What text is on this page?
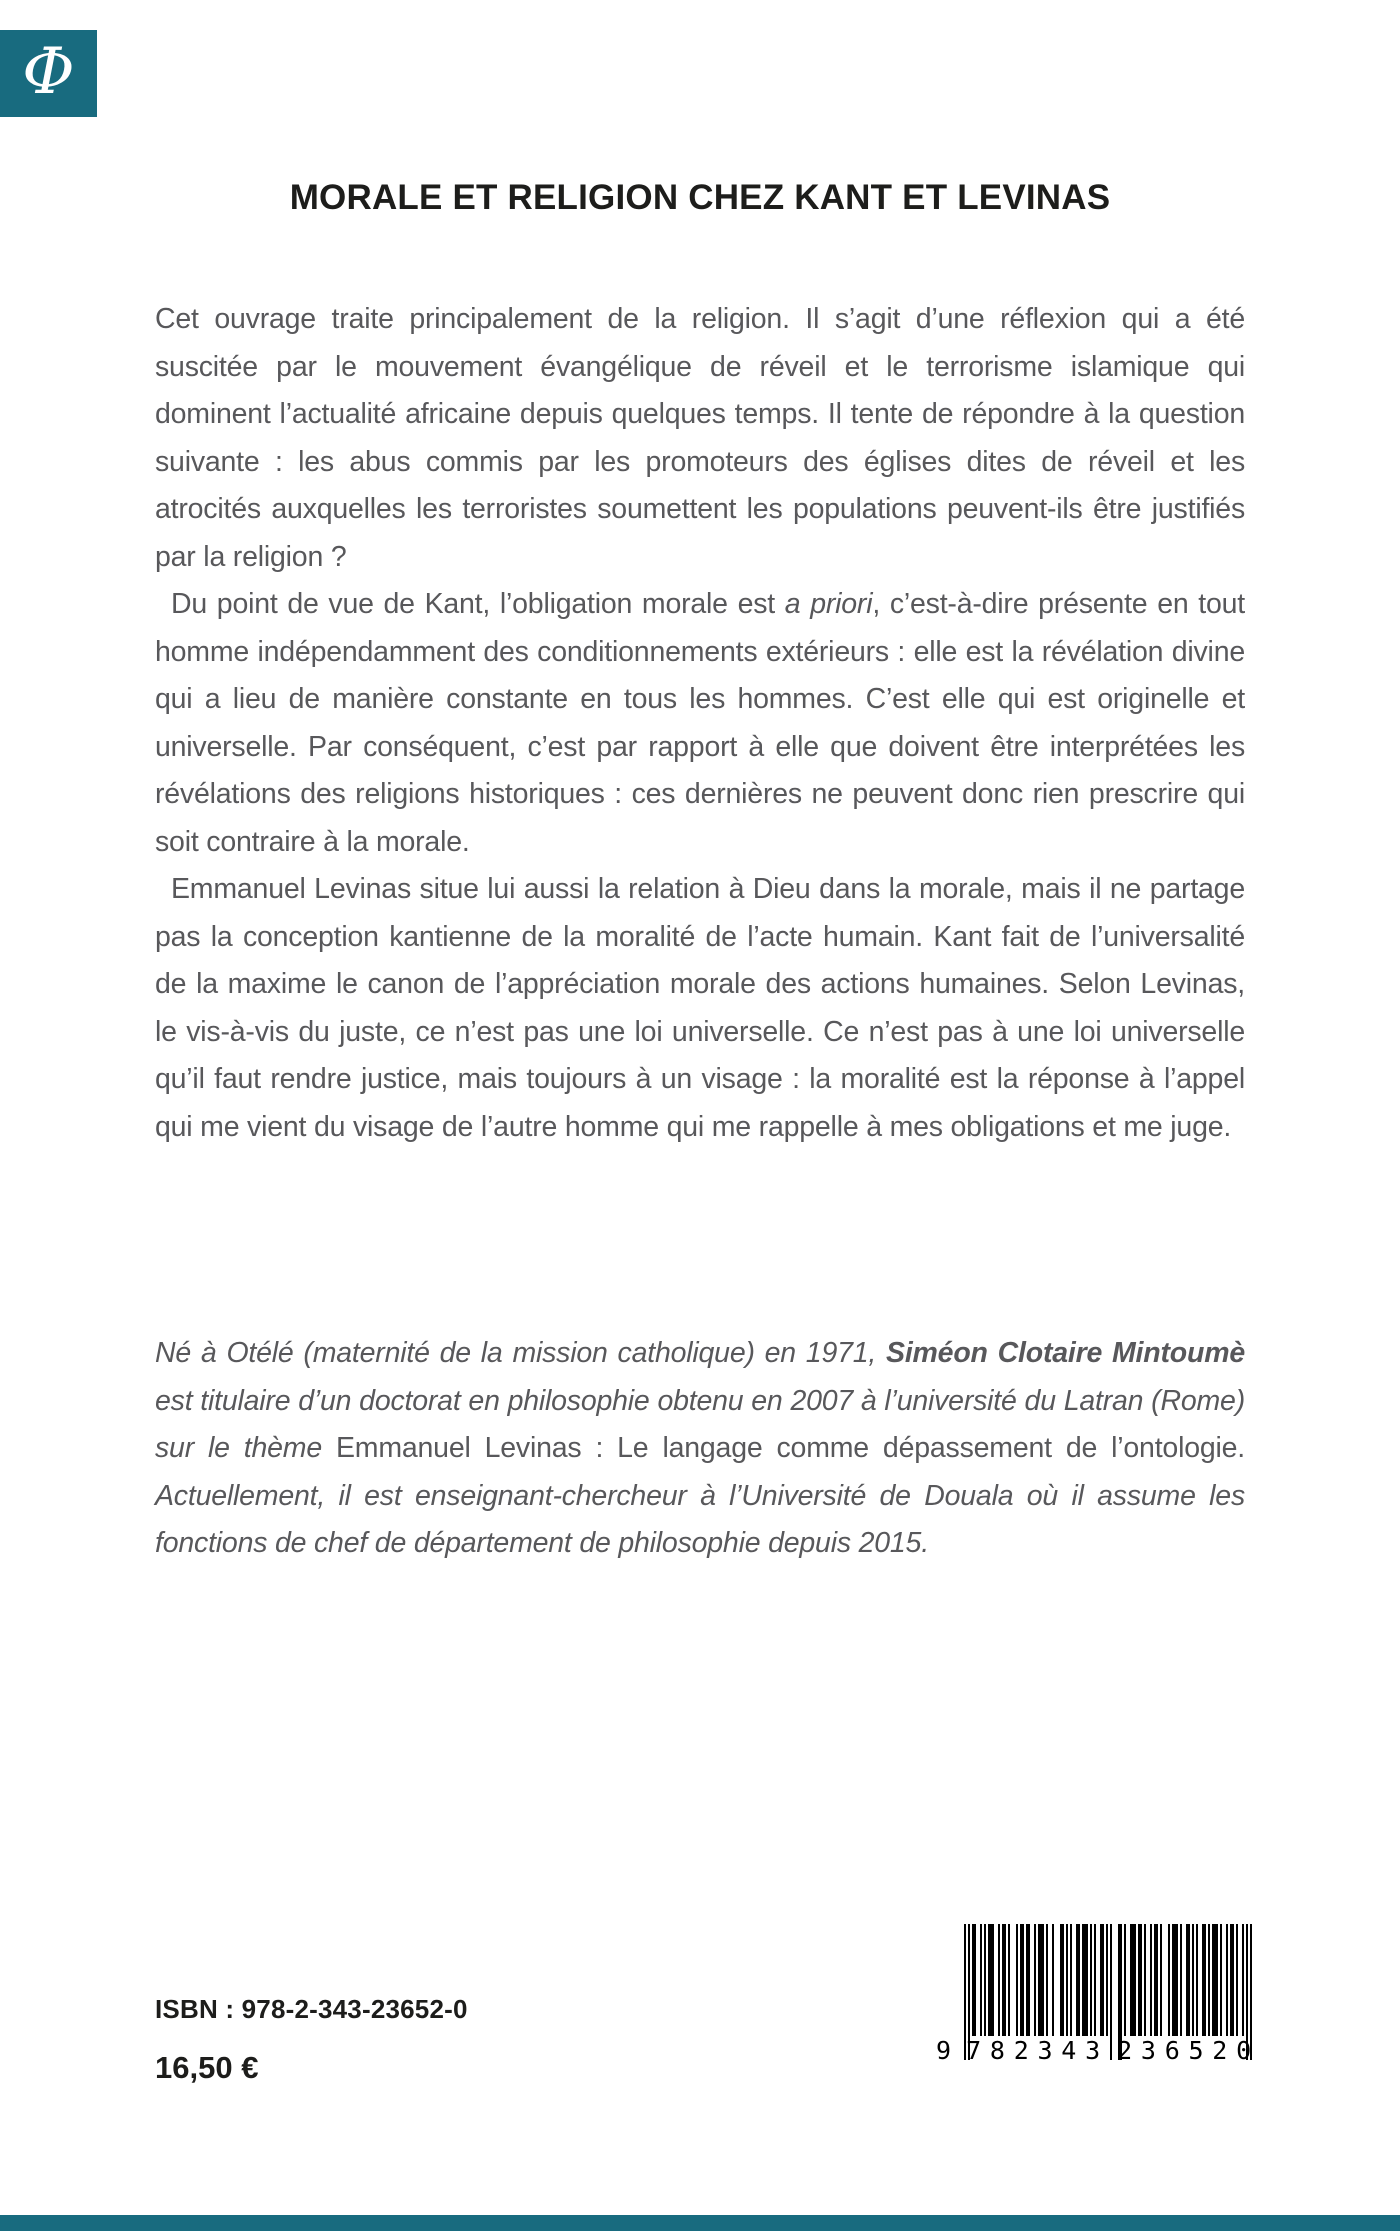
Φ
MORALE ET RELIGION CHEZ KANT ET LEVINAS

Cet ouvrage traite principalement de la religion. Il s’agit d’une réflexion qui a été suscitée par le mouvement évangélique de réveil et le terrorisme islamique qui dominent l’actualité africaine depuis quelques temps. Il tente de répondre à la question suivante : les abus commis par les promoteurs des églises dites de réveil et les atrocités auxquelles les terroristes soumettent les populations peuvent-ils être justifiés par la religion ?

Du point de vue de Kant, l’obligation morale est a priori, c’est-à-dire présente en tout homme indépendamment des conditionnements extérieurs : elle est la révélation divine qui a lieu de manière constante en tous les hommes. C’est elle qui est originelle et universelle. Par conséquent, c’est par rapport à elle que doivent être interprétées les révélations des religions historiques : ces dernières ne peuvent donc rien prescrire qui soit contraire à la morale.

Emmanuel Levinas situe lui aussi la relation à Dieu dans la morale, mais il ne partage pas la conception kantienne de la moralité de l’acte humain. Kant fait de l’universalité de la maxime le canon de l’appréciation morale des actions humaines. Selon Levinas, le vis-à-vis du juste, ce n’est pas une loi universelle. Ce n’est pas à une loi universelle qu’il faut rendre justice, mais toujours à un visage : la moralité est la réponse à l’appel qui me vient du visage de l’autre homme qui me rappelle à mes obligations et me juge.

Né à Otélé (maternité de la mission catholique) en 1971, Siméon Clotaire Mintoumè est titulaire d’un doctorat en philosophie obtenu en 2007 à l’université du Latran (Rome) sur le thème Emmanuel Levinas : Le langage comme dépassement de l’ontologie. Actuellement, il est enseignant-chercheur à l’Université de Douala où il assume les fonctions de chef de département de philosophie depuis 2015.

ISBN : 978-2-343-23652-0
16,50 €	9 782343 236520
